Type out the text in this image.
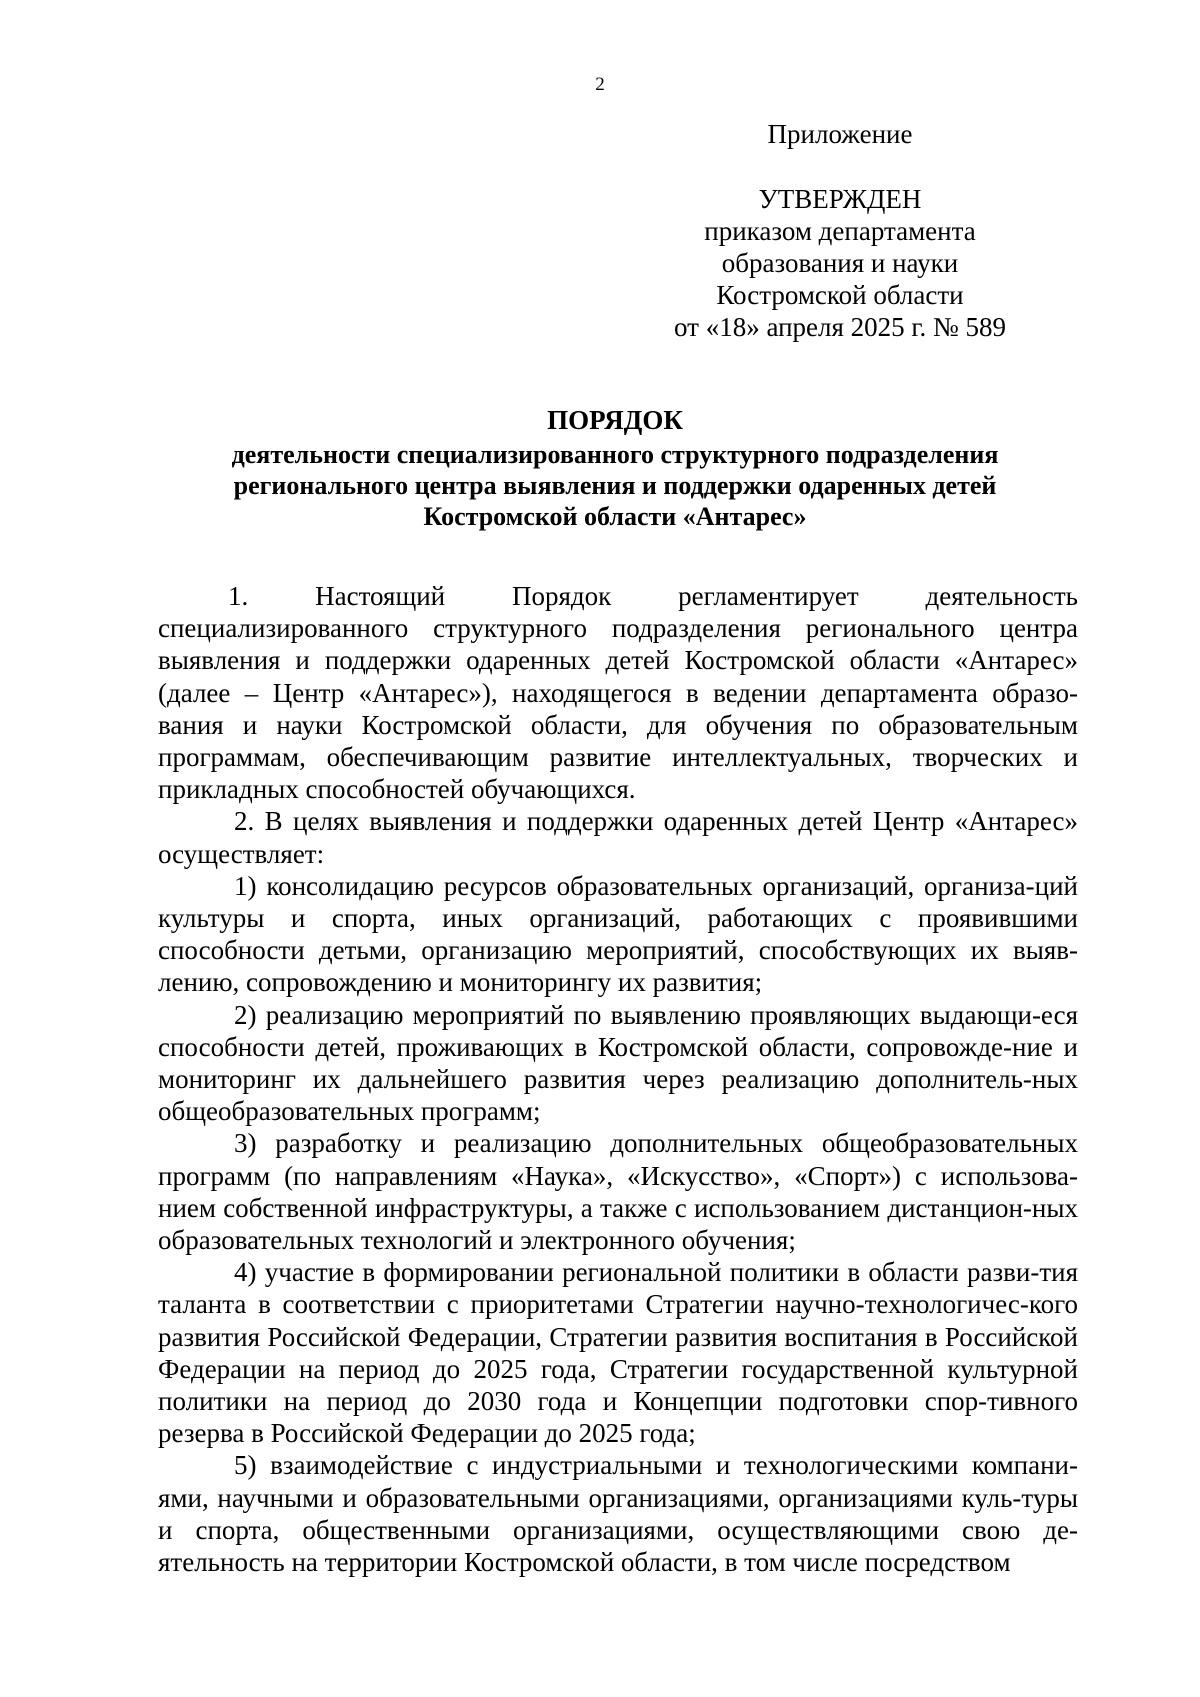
2
Приложение
УТВЕРЖДЕН
приказом департамента
образования и науки
Костромской области
от «18» апреля 2025 г. № 589
ПОРЯДОК
деятельности специализированного структурного подразделения
регионального центра выявления и поддержки одаренных детей
Костромской области «Антарес»
1. Настоящий Порядок регламентирует деятельность

специализированного структурного подразделения регионального центра выявления и поддержки одаренных детей Костромской области «Антарес» (далее – Центр «Антарес»), находящегося в ведении департамента образо-вания и науки Костромской области, для обучения по образовательным программам, обеспечивающим развитие интеллектуальных, творческих и прикладных способностей обучающихся.

2. В целях выявления и поддержки одаренных детей Центр «Антарес» осуществляет:

1) консолидацию ресурсов образовательных организаций, организа-ций культуры и спорта, иных организаций, работающих с проявившими способности детьми, организацию мероприятий, способствующих их выяв-лению, сопровождению и мониторингу их развития;

2) реализацию мероприятий по выявлению проявляющих выдающи-еся способности детей, проживающих в Костромской области, сопровожде-ние и мониторинг их дальнейшего развития через реализацию дополнитель-ных общеобразовательных программ;

3) разработку и реализацию дополнительных общеобразовательных программ (по направлениям «Наука», «Искусство», «Спорт») с использова-нием собственной инфраструктуры, а также с использованием дистанцион-ных образовательных технологий и электронного обучения;

4) участие в формировании региональной политики в области разви-тия таланта в соответствии с приоритетами Стратегии научно-технологичес-кого развития Российской Федерации, Стратегии развития воспитания в Российской Федерации на период до 2025 года, Стратегии государственной культурной политики на период до 2030 года и Концепции подготовки спор-тивного резерва в Российской Федерации до 2025 года;

5) взаимодействие с индустриальными и технологическими компани-ями, научными и образовательными организациями, организациями куль-туры и спорта, общественными организациями, осуществляющими свою де-ятельность на территории Костромской области, в том числе посредством
